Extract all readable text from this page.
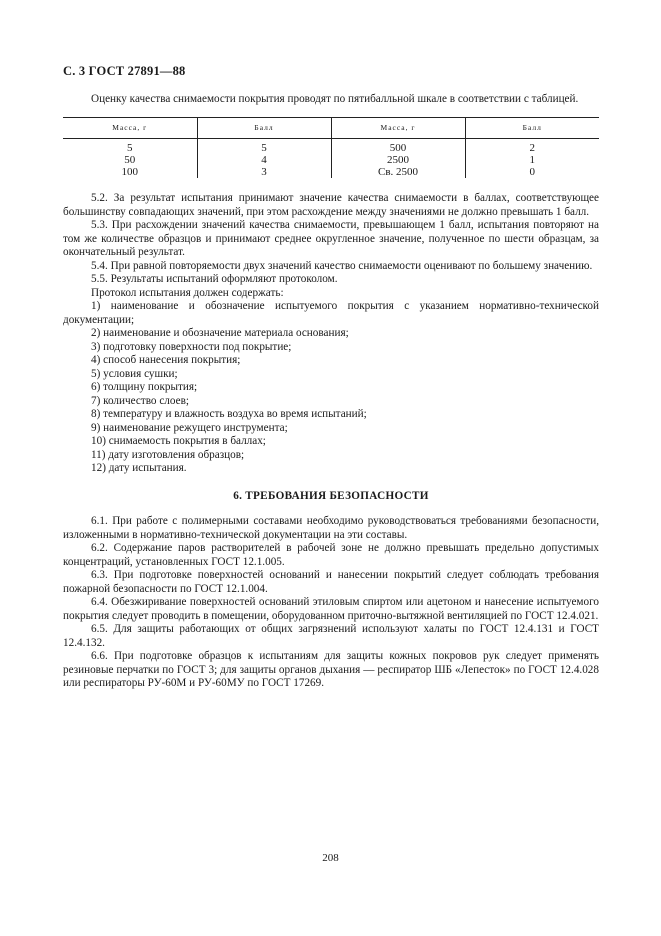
С. 3 ГОСТ 27891—88

Оценку качества снимаемости покрытия проводят по пятибалльной шкале в соответствии с таблицей.

Масса, г	Балл	Масса, г	Балл
5	5	500	2
50	4	2500	1
100	3	Св. 2500	0

5.2. За результат испытания принимают значение качества снимаемости в баллах, соответствующее большинству совпадающих значений, при этом расхождение между значениями не должно превышать 1 балл.

5.3. При расхождении значений качества снимаемости, превышающем 1 балл, испытания повторяют на том же количестве образцов и принимают среднее округленное значение, полученное по шести образцам, за окончательный результат.

5.4. При равной повторяемости двух значений качество снимаемости оценивают по большему значению.

5.5. Результаты испытаний оформляют протоколом.

Протокол испытания должен содержать:

1) наименование и обозначение испытуемого покрытия с указанием нормативно-технической документации;

2) наименование и обозначение материала основания;

3) подготовку поверхности под покрытие;

4) способ нанесения покрытия;

5) условия сушки;

6) толщину покрытия;

7) количество слоев;

8) температуру и влажность воздуха во время испытаний;

9) наименование режущего инструмента;

10) снимаемость покрытия в баллах;

11) дату изготовления образцов;

12) дату испытания.

6. ТРЕБОВАНИЯ БЕЗОПАСНОСТИ

6.1. При работе с полимерными составами необходимо руководствоваться требованиями безопасности, изложенными в нормативно-технической документации на эти составы.

6.2. Содержание паров растворителей в рабочей зоне не должно превышать предельно допустимых концентраций, установленных ГОСТ 12.1.005.

6.3. При подготовке поверхностей оснований и нанесении покрытий следует соблюдать требования пожарной безопасности по ГОСТ 12.1.004.

6.4. Обезжиривание поверхностей оснований этиловым спиртом или ацетоном и нанесение испытуемого покрытия следует проводить в помещении, оборудованном приточно-вытяжной вентиляцией по ГОСТ 12.4.021.

6.5. Для защиты работающих от общих загрязнений используют халаты по ГОСТ 12.4.131 и ГОСТ 12.4.132.

6.6. При подготовке образцов к испытаниям для защиты кожных покровов рук следует применять резиновые перчатки по ГОСТ 3; для защиты органов дыхания — респиратор ШБ «Лепесток» по ГОСТ 12.4.028 или респираторы РУ-60М и РУ-60МУ по ГОСТ 17269.

208
